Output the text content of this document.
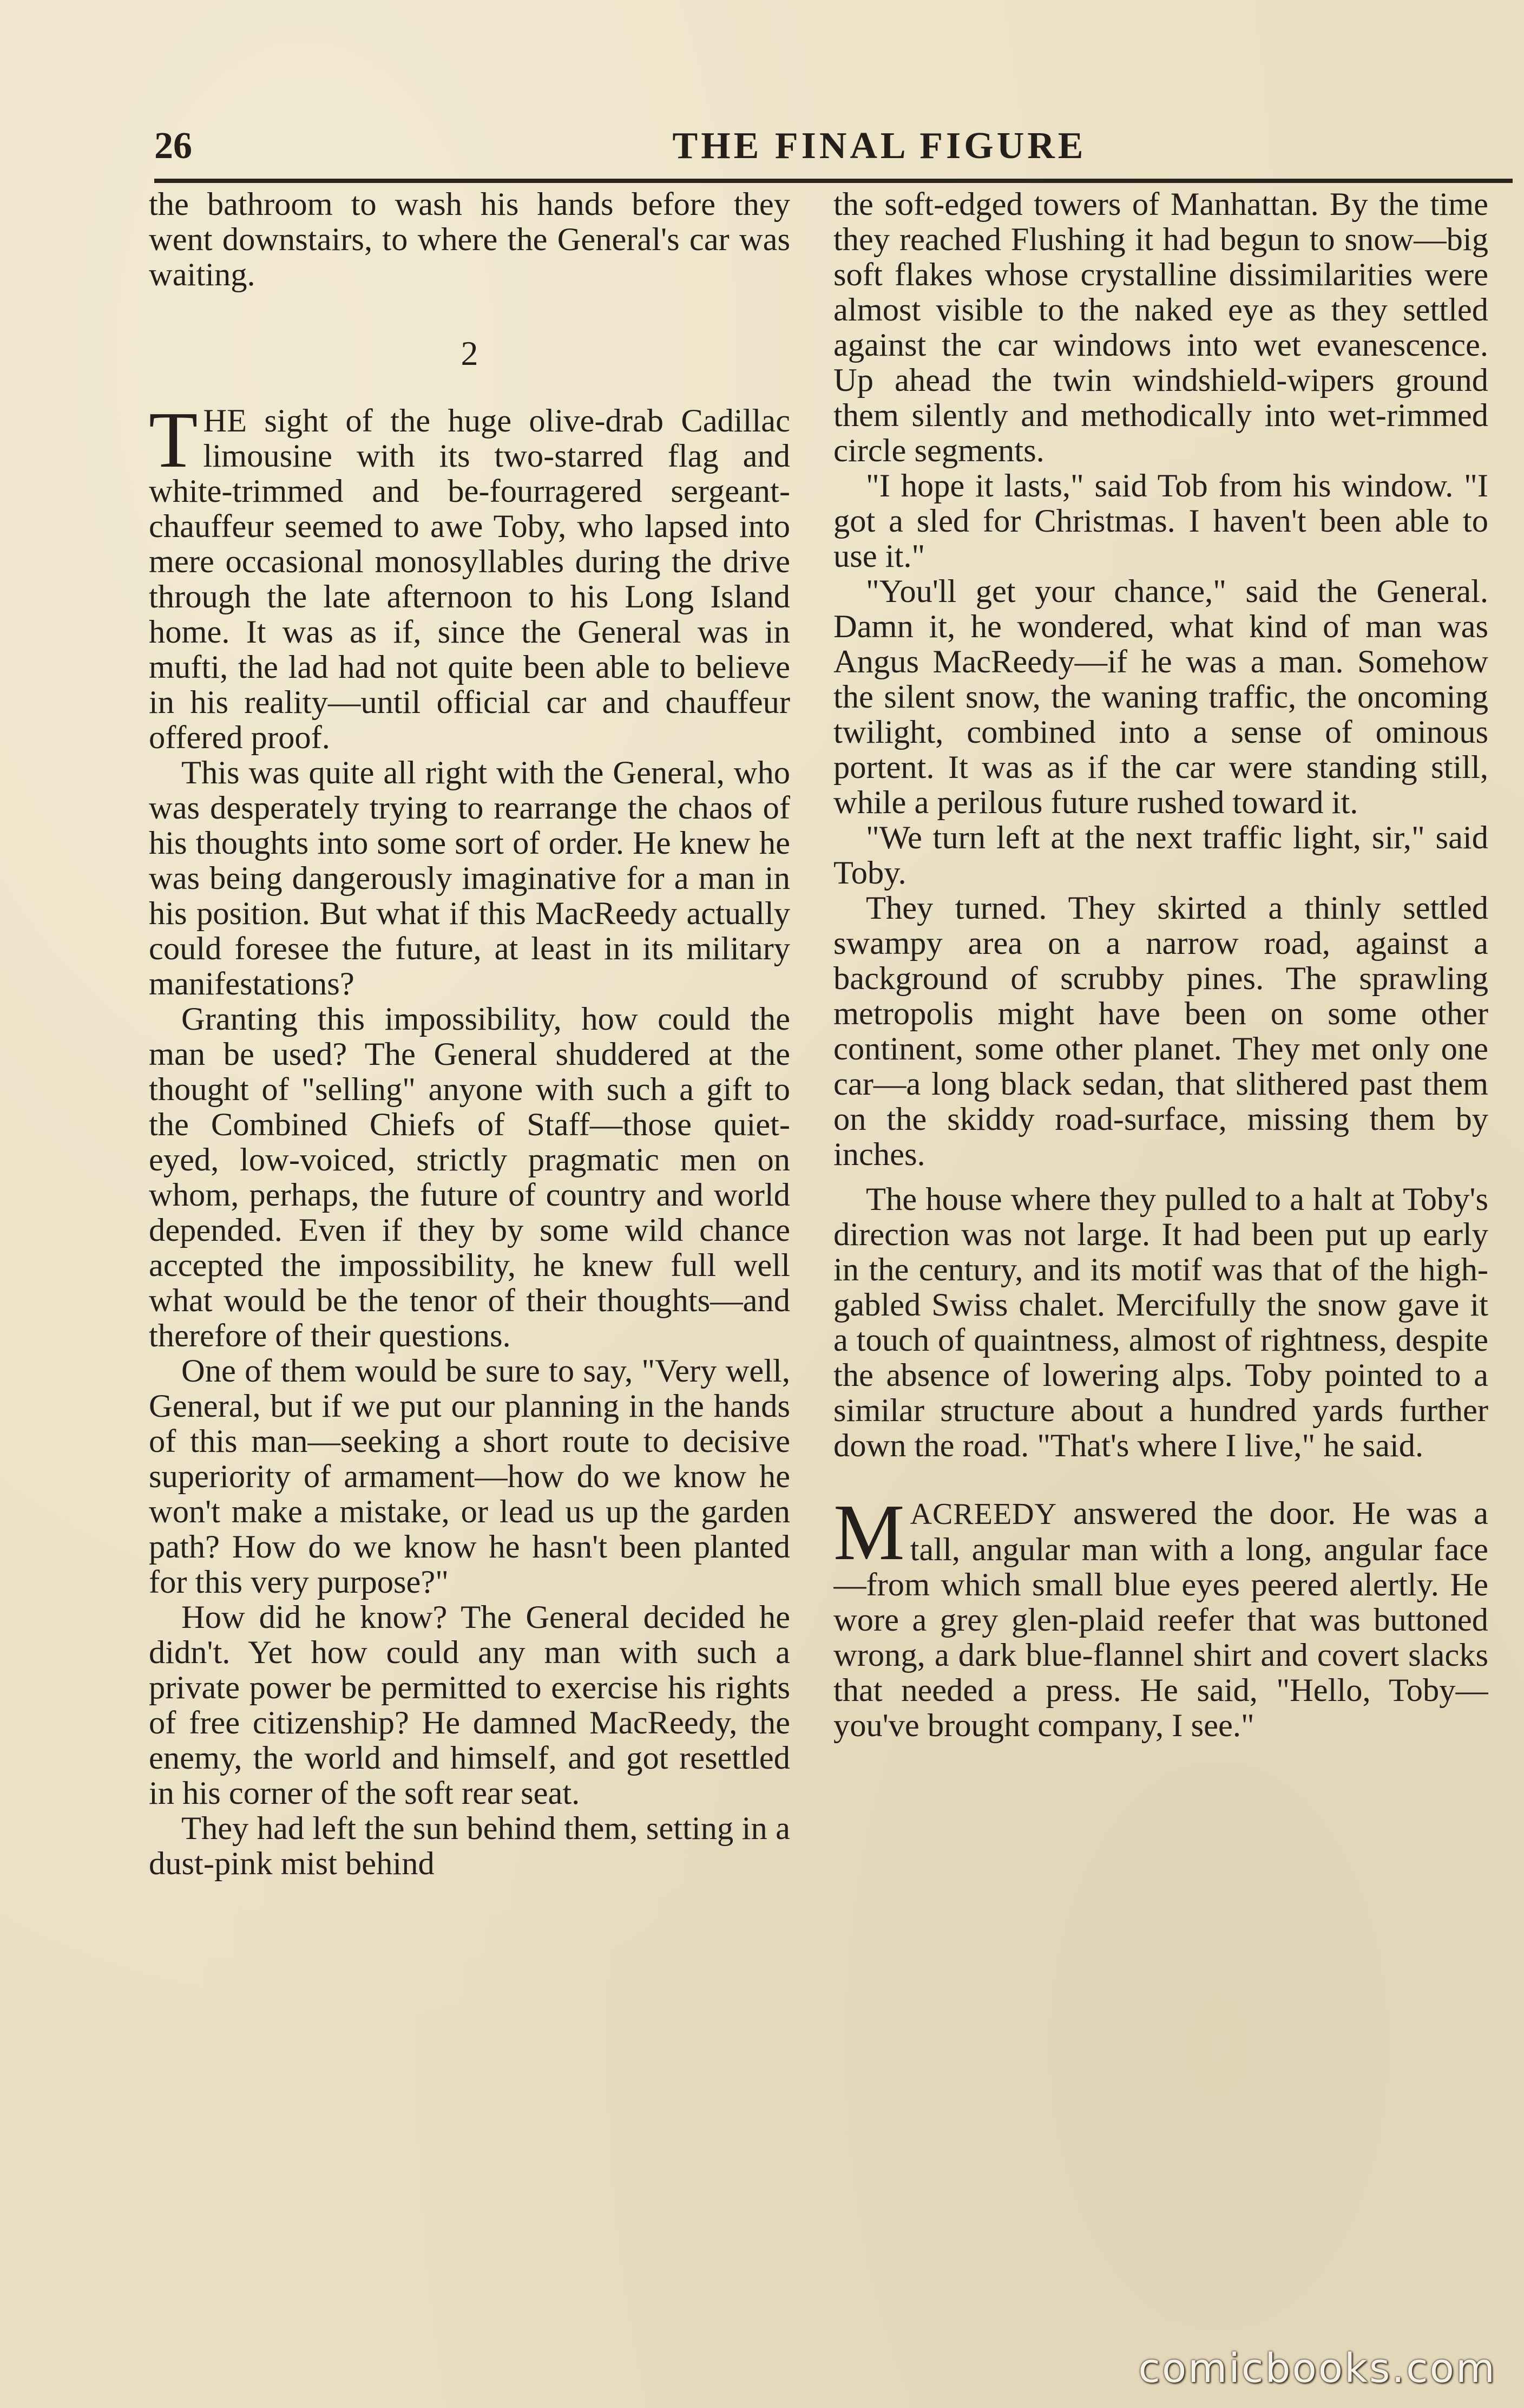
26	THE FINAL FIGURE

the bathroom to wash his hands before they went downstairs, to where the General's car was waiting.

2

THE sight of the huge olive-drab Cadillac limousine with its two-starred flag and white-trimmed and be-fourragered sergeant-chauffeur seemed to awe Toby, who lapsed into mere occasional monosyllables during the drive through the late afternoon to his Long Island home. It was as if, since the General was in mufti, the lad had not quite been able to believe in his reality—until official car and chauffeur offered proof.

This was quite all right with the General, who was desperately trying to rearrange the chaos of his thoughts into some sort of order. He knew he was being dangerously imaginative for a man in his position. But what if this MacReedy actually could foresee the future, at least in its military manifestations?

Granting this impossibility, how could the man be used? The General shuddered at the thought of "selling" anyone with such a gift to the Combined Chiefs of Staff—those quiet-eyed, low-voiced, strictly pragmatic men on whom, perhaps, the future of country and world depended. Even if they by some wild chance accepted the impossibility, he knew full well what would be the tenor of their thoughts—and therefore of their questions.

One of them would be sure to say, "Very well, General, but if we put our planning in the hands of this man—seeking a short route to decisive superiority of armament—how do we know he won't make a mistake, or lead us up the garden path? How do we know he hasn't been planted for this very purpose?"

How did he know? The General decided he didn't. Yet how could any man with such a private power be permitted to exercise his rights of free citizenship? He damned MacReedy, the enemy, the world and himself, and got resettled in his corner of the soft rear seat.

They had left the sun behind them, setting in a dust-pink mist behind

the soft-edged towers of Manhattan. By the time they reached Flushing it had begun to snow—big soft flakes whose crystalline dissimilarities were almost visible to the naked eye as they settled against the car windows into wet evanescence. Up ahead the twin windshield-wipers ground them silently and methodically into wet-rimmed circle segments.

"I hope it lasts," said Tob from his window. "I got a sled for Christmas. I haven't been able to use it."

"You'll get your chance," said the General. Damn it, he wondered, what kind of man was Angus MacReedy—if he was a man. Somehow the silent snow, the waning traffic, the oncoming twilight, combined into a sense of ominous portent. It was as if the car were standing still, while a perilous future rushed toward it.

"We turn left at the next traffic light, sir," said Toby.

They turned. They skirted a thinly settled swampy area on a narrow road, against a background of scrubby pines. The sprawling metropolis might have been on some other continent, some other planet. They met only one car—a long black sedan, that slithered past them on the skiddy road-surface, missing them by inches.

The house where they pulled to a halt at Toby's direction was not large. It had been put up early in the century, and its motif was that of the high-gabled Swiss chalet. Mercifully the snow gave it a touch of quaintness, almost of rightness, despite the absence of lowering alps. Toby pointed to a similar structure about a hundred yards further down the road. "That's where I live," he said.

MACREEDY answered the door. He was a tall, angular man with a long, angular face—from which small blue eyes peered alertly. He wore a grey glen-plaid reefer that was buttoned wrong, a dark blue-flannel shirt and covert slacks that needed a press. He said, "Hello, Toby—you've brought company, I see."

comicbooks.com
